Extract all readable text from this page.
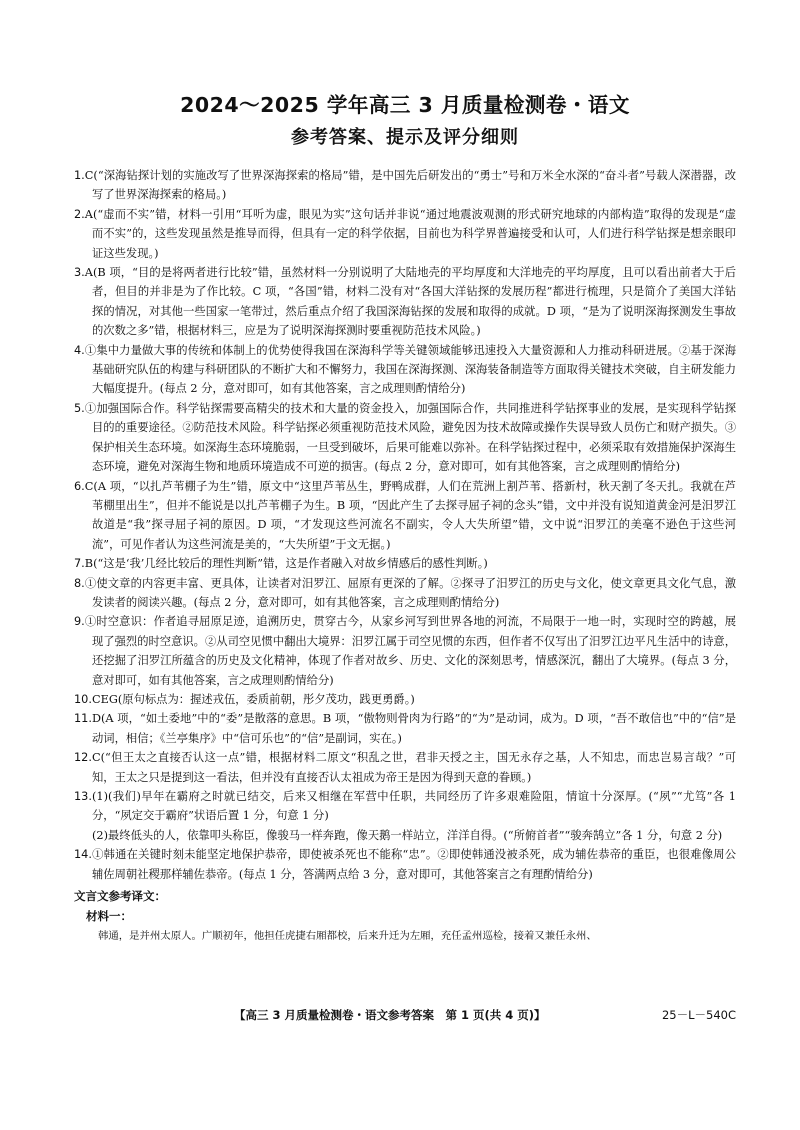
2024～2025 学年高三 3 月质量检测卷・语文
参考答案、提示及评分细则

1.C(“深海钻探计划的实施改写了世界深海探索的格局”错，是中国先后研发出的“勇士”号和万米全水深的“奋斗者”号载人深潜器，改写了世界深海探索的格局。)

2.A(“虚而不实”错，材料一引用“耳听为虚，眼见为实”这句话并非说“通过地震波观测的形式研究地球的内部构造”取得的发现是“虚而不实”的，这些发现虽然是推导而得，但具有一定的科学依据，目前也为科学界普遍接受和认可，人们进行科学钻探是想亲眼印证这些发现。)

3.A(B 项，“目的是将两者进行比较”错，虽然材料一分别说明了大陆地壳的平均厚度和大洋地壳的平均厚度，且可以看出前者大于后者，但目的并非是为了作比较。C 项，“各国”错，材料二没有对“各国大洋钻探的发展历程”都进行梳理，只是简介了美国大洋钻探的情况，对其他一些国家一笔带过，然后重点介绍了我国深海钻探的发展和取得的成就。D 项，“是为了说明深海探测发生事故的次数之多”错，根据材料三，应是为了说明深海探测时要重视防范技术风险。)

4.①集中力量做大事的传统和体制上的优势使得我国在深海科学等关键领域能够迅速投入大量资源和人力推动科研进展。②基于深海基础研究队伍的构建与科研团队的不断扩大和不懈努力，我国在深海探测、深海装备制造等方面取得关键技术突破，自主研发能力大幅度提升。(每点 2 分，意对即可，如有其他答案，言之成理则酌情给分)

5.①加强国际合作。科学钻探需要高精尖的技术和大量的资金投入，加强国际合作，共同推进科学钻探事业的发展，是实现科学钻探目的的重要途径。②防范技术风险。科学钻探必须重视防范技术风险，避免因为技术故障或操作失误导致人员伤亡和财产损失。③保护相关生态环境。如深海生态环境脆弱，一旦受到破坏，后果可能难以弥补。在科学钻探过程中，必须采取有效措施保护深海生态环境，避免对深海生物和地质环境造成不可逆的损害。(每点 2 分，意对即可，如有其他答案，言之成理则酌情给分)

6.C(A 项，“以扎芦苇棚子为生”错，原文中“这里芦苇丛生，野鸭成群，人们在荒洲上割芦苇、搭新村，秋天割了冬天扎。我就在芦苇棚里出生”，但并不能说是以扎芦苇棚子为生。B 项，“因此产生了去探寻屈子祠的念头”错，文中并没有说知道黄金河是汨罗江故道是“我”探寻屈子祠的原因。D 项，“才发现这些河流名不副实，令人大失所望”错，文中说“汨罗江的美毫不逊色于这些河流”，可见作者认为这些河流是美的，“大失所望”于文无据。)

7.B(“这是‘我’几经比较后的理性判断”错，这是作者融入对故乡情感后的感性判断。)

8.①使文章的内容更丰富、更具体，让读者对汨罗江、屈原有更深的了解。②探寻了汨罗江的历史与文化，使文章更具文化气息，激发读者的阅读兴趣。(每点 2 分，意对即可，如有其他答案，言之成理则酌情给分)

9.①时空意识：作者追寻屈原足迹，追溯历史，贯穿古今，从家乡河写到世界各地的河流，不局限于一地一时，实现时空的跨越，展现了强烈的时空意识。②从司空见惯中翻出大境界：汨罗江属于司空见惯的东西，但作者不仅写出了汨罗江边平凡生活中的诗意，还挖掘了汨罗江所蕴含的历史及文化精神，体现了作者对故乡、历史、文化的深刻思考，情感深沉，翻出了大境界。(每点 3 分，意对即可，如有其他答案，言之成理则酌情给分)

10.CEG(原句标点为：握述戎伍，委质前朝，彤夕茂功，践更勇爵。)

11.D(A 项，“如土委地”中的“委”是散落的意思。B 项，“傲物则骨肉为行路”的“为”是动词，成为。D 项，“吾不敢信也”中的“信”是动词，相信；《兰亭集序》中“信可乐也”的“信”是副词，实在。)

12.C(“但王太之直接否认这一点”错，根据材料二原文“积乱之世，君非天授之主，国无永存之基，人不知忠，而忠岂易言哉？”可知，王太之只是提到这一看法，但并没有直接否认太祖成为帝王是因为得到天意的眷顾。)

13.(1)(我们)早年在霸府之时就已结交，后来又相继在军营中任职，共同经历了许多艰难险阻，情谊十分深厚。(“夙”“尤笃”各 1 分，“夙定交于霸府”状语后置 1 分，句意 1 分)

(2)最终低头的人，依靠叩头称臣，像骏马一样奔跑，像天鹅一样站立，洋洋自得。(“所俯首者”“骏奔鹄立”各 1 分，句意 2 分)

14.①韩通在关键时刻未能坚定地保护恭帝，即使被杀死也不能称“忠”。②即使韩通没被杀死，成为辅佐恭帝的重臣，也很难像周公辅佐周朝社稷那样辅佐恭帝。(每点 1 分，答满两点给 3 分，意对即可，其他答案言之有理酌情给分)

文言文参考译文：
材料一：

韩通，是并州太原人。广顺初年，他担任虎捷右厢都校，后来升迁为左厢，充任孟州巡检，接着又兼任永州、

【高三 3 月质量检测卷・语文参考答案　第 1 页(共 4 页)】	25－L－540C
